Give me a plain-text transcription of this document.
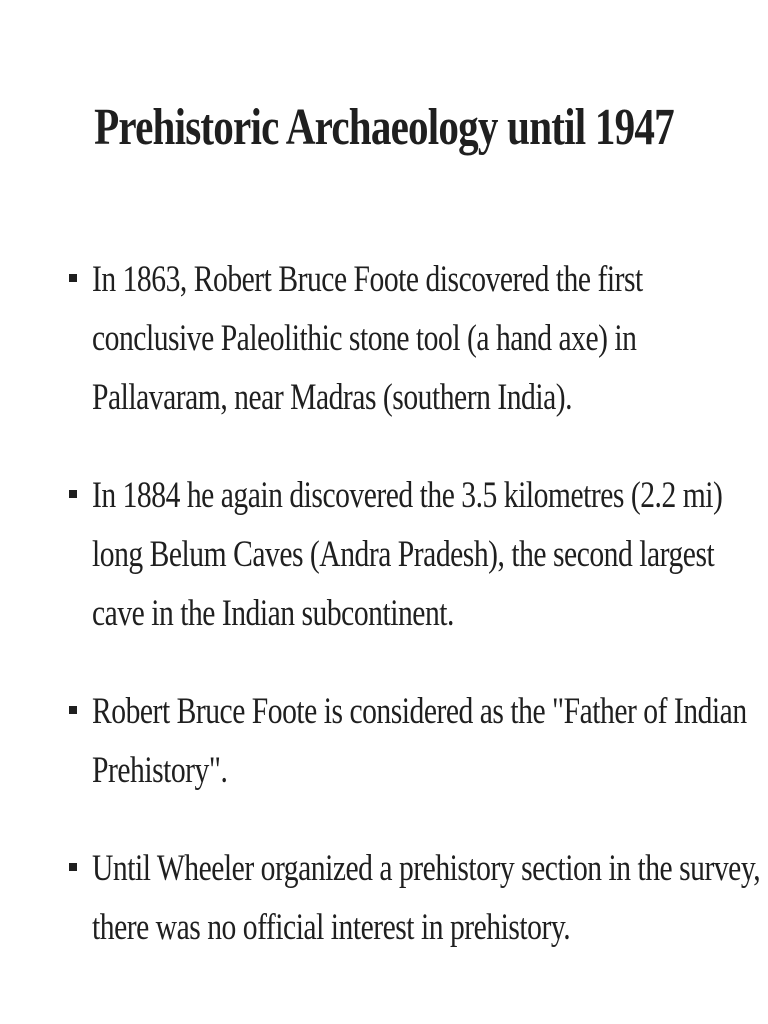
Prehistoric Archaeology until 1947
In 1863, Robert Bruce Foote discovered the first
conclusive Paleolithic stone tool (a hand axe) in
Pallavaram, near Madras (southern India).
In 1884 he again discovered the 3.5 kilometres (2.2 mi)
long Belum Caves (Andra Pradesh), the second largest
cave in the Indian subcontinent.
Robert Bruce Foote is considered as the "Father of Indian
Prehistory".
Until Wheeler organized a prehistory section in the survey,
there was no official interest in prehistory.
